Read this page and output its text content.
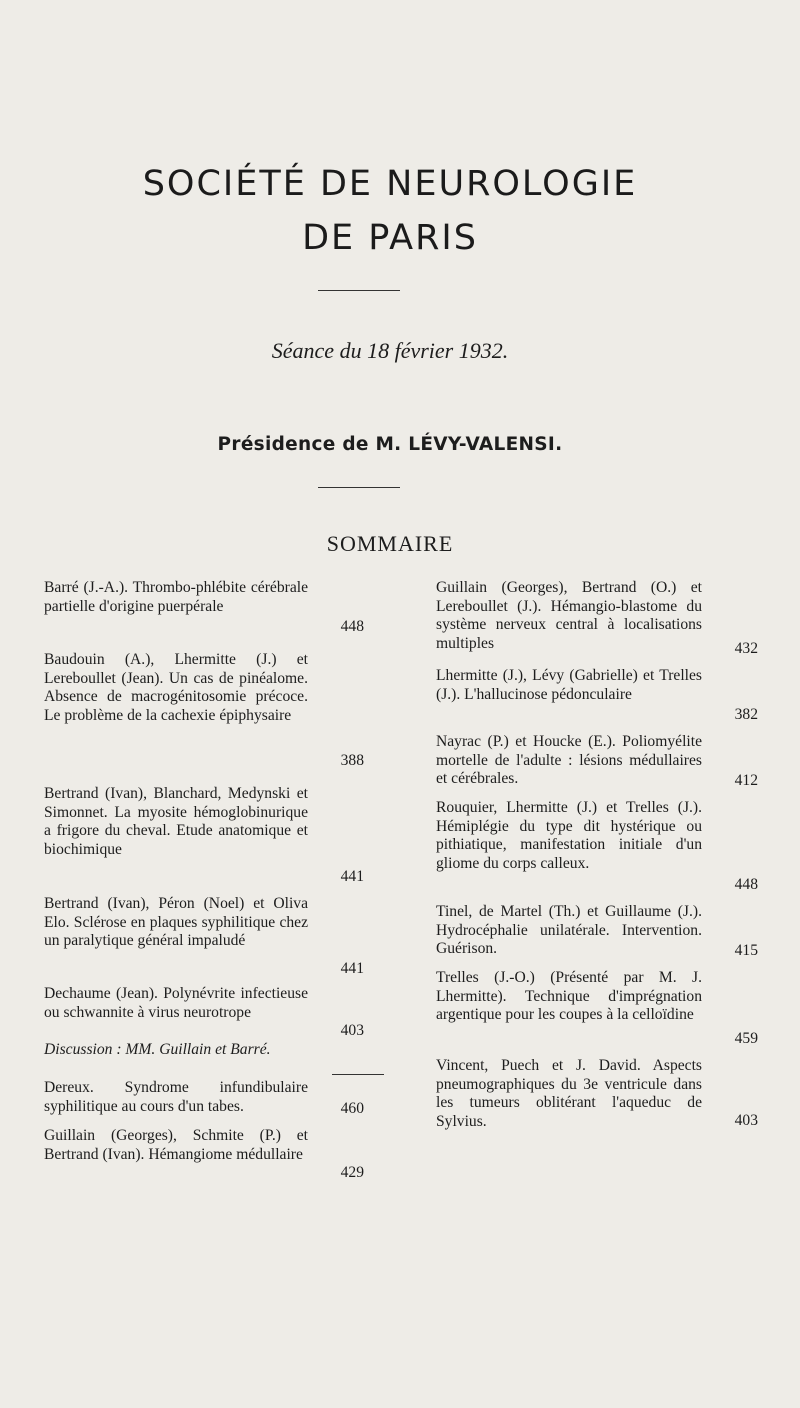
SOCIÉTÉ DE NEUROLOGIE
DE PARIS
Séance du 18 février 1932.
Présidence de M. LÉVY-VALENSI.
SOMMAIRE
Barré (J.-A.). Thrombo-phlébite cérébrale partielle d'origine puerpérale
448
Baudouin (A.), Lhermitte (J.) et Lereboullet (Jean). Un cas de pinéalome. Absence de macrogénitosomie précoce. Le problème de la cachexie épiphysaire
388
Bertrand (Ivan), Blanchard, Medynski et Simonnet. La myosite hémoglobinurique a frigore du cheval. Etude anatomique et biochimique
441
Bertrand (Ivan), Péron (Noel) et Oliva Elo. Sclérose en plaques syphilitique chez un paralytique général impaludé
441
Dechaume (Jean). Polynévrite infectieuse ou schwannite à virus neurotrope
403
Discussion : MM. Guillain et Barré.
Dereux. Syndrome infundibulaire syphilitique au cours d'un tabes.	460
Guillain (Georges), Schmite (P.) et Bertrand (Ivan). Hémangiome médullaire
429
Guillain (Georges), Bertrand (O.) et Lereboullet (J.). Hémangio-blastome du système nerveux central à localisations multiples	432
Lhermitte (J.), Lévy (Gabrielle) et Trelles (J.). L'hallucinose pédonculaire
382
Nayrac (P.) et Houcke (E.). Poliomyélite mortelle de l'adulte : lésions médullaires et cérébrales.	412
Rouquier, Lhermitte (J.) et Trelles (J.). Hémiplégie du type dit hystérique ou pithiatique, manifestation initiale d'un gliome du corps calleux.
448
Tinel, de Martel (Th.) et Guillaume (J.). Hydrocéphalie unilatérale. Intervention. Guérison.	415
Trelles (J.-O.) (Présenté par M. J. Lhermitte). Technique d'imprégnation argentique pour les coupes à la celloïdine
459
Vincent, Puech et J. David. Aspects pneumographiques du 3e ventricule dans les tumeurs oblitérant l'aqueduc de Sylvius.	403
